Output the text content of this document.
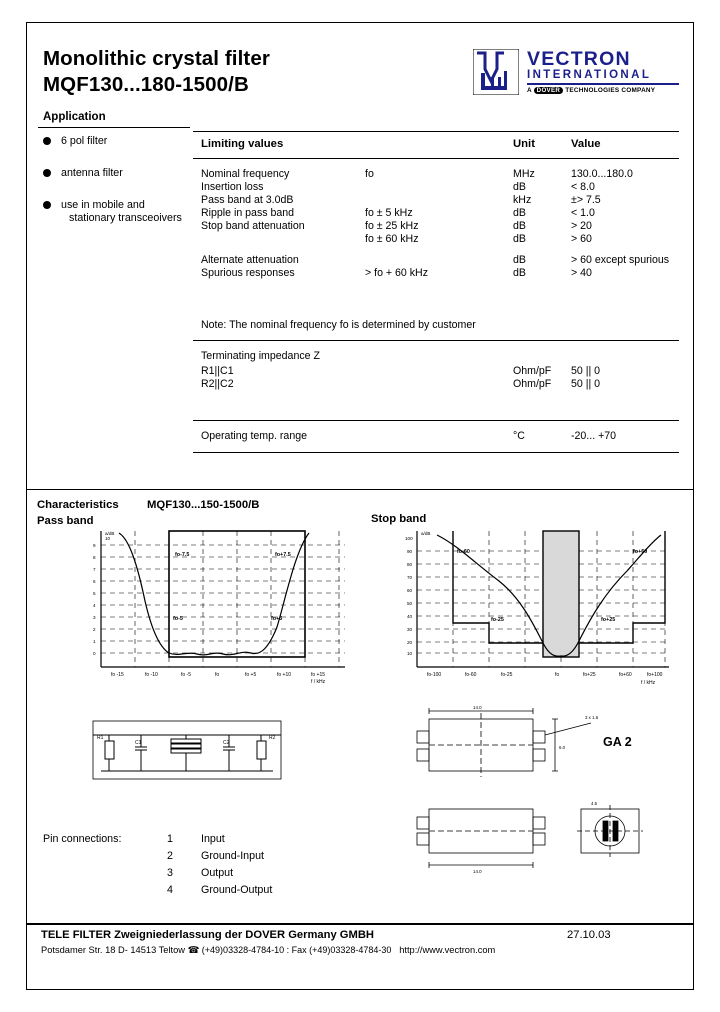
Monolithic crystal filter
MQF130...180-1500/B
VECTRON
INTERNATIONAL
A DOVER TECHNOLOGIES COMPANY
Application
6 pol filter
antenna filter
use in mobile and
stationary transceoivers
Limiting values	Unit	Value
Nominal frequency	fo	MHz	130.0...180.0
Insertion loss	dB	< 8.0
Pass band at 3.0dB	kHz	±> 7.5
Ripple in pass band	fo ± 5 kHz	dB	< 1.0
Stop band attenuation	fo ± 25 kHz	dB	> 20
fo ± 60 kHz	dB	> 60
Alternate attenuation	dB	> 60 except spurious
Spurious responses	> fo + 60 kHz	dB	> 40
Note: The nominal frequency fo is determined by customer
Terminating impedance Z
R1||C1	Ohm/pF 50 || 0
R2||C2	Ohm/pF 50 || 0
Operating temp. range	°C	-20... +70
Characteristics	MQF130...150-1500/B
Pass band	Stop band
a/dB
10
9
8
7
6
5
4
3
2
1
0
fo-7.5	fo+7.5
fo-5	fo+5
fo -15	fo -10	fo -5	fo	fo +5	fo +10	fo +15
f / kHz
a/dB
100
90
80
70
60
50
40
30
20
10
fo-60	fo+60
fo-25	fo+25
fo-100	fo-60	fo-25	fo	fo+25	fo+60	fo+100
f / kHz
R1
C1	C2
R2
14.0
6.0
3 x 1.6
14.0
4.5
GA 2
Pin connections:	1	Input
2	Ground-Input
3	Output
4	Ground-Output
TELE FILTER Zweigniederlassung der DOVER Germany GMBH	27.10.03
Potsdamer Str. 18 D- 14513 Teltow ☎ (+49)03328-4784-10 : Fax (+49)03328-4784-30 http://www.vectron.com
